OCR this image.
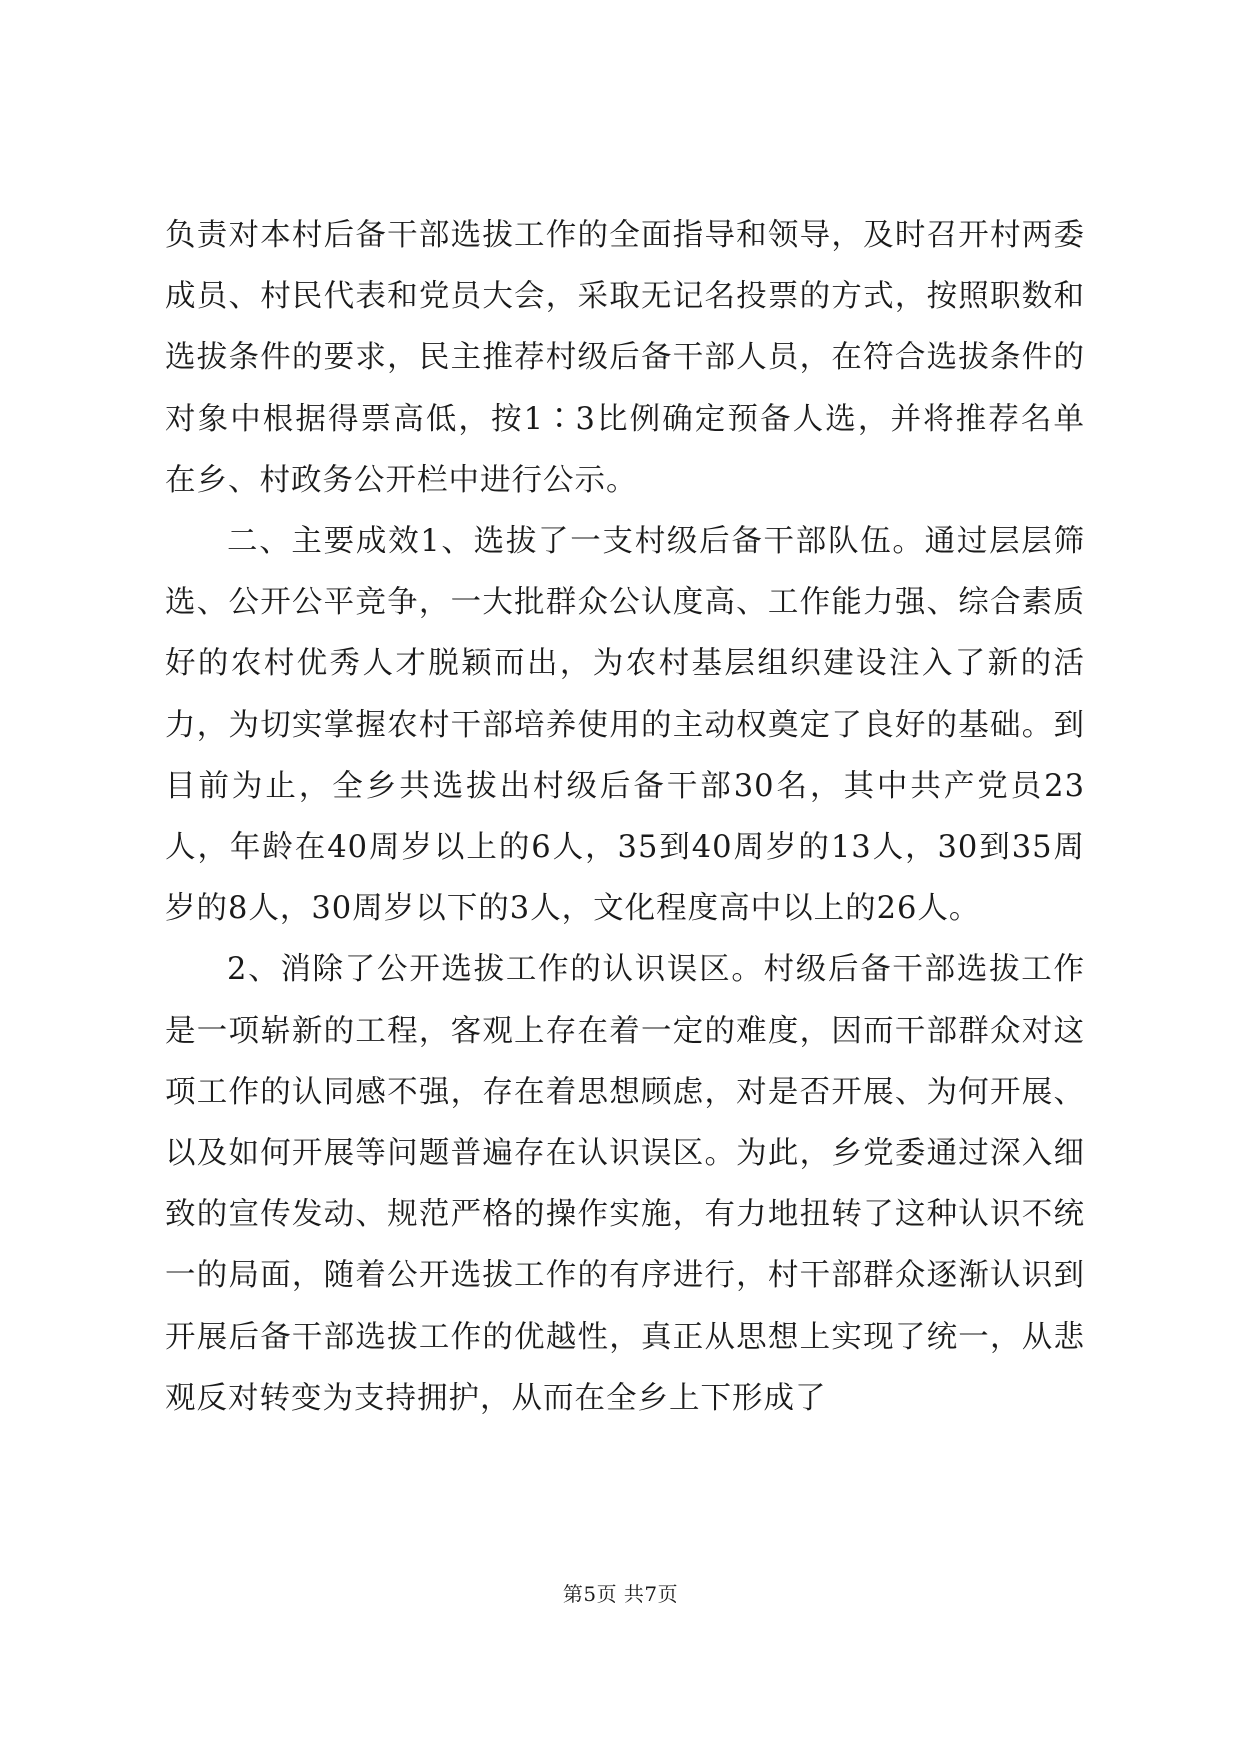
负责对本村后备干部选拔工作的全面指导和领导，及时召开村两委成员、村民代表和党员大会，采取无记名投票的方式，按照职数和选拔条件的要求，民主推荐村级后备干部人员，在符合选拔条件的对象中根据得票高低，按1∶3比例确定预备人选，并将推荐名单在乡、村政务公开栏中进行公示。

二、主要成效1、选拔了一支村级后备干部队伍。通过层层筛选、公开公平竞争，一大批群众公认度高、工作能力强、综合素质好的农村优秀人才脱颖而出，为农村基层组织建设注入了新的活力，为切实掌握农村干部培养使用的主动权奠定了良好的基础。到目前为止，全乡共选拔出村级后备干部30名，其中共产党员23人，年龄在40周岁以上的6人，35到40周岁的13人，30到35周岁的8人，30周岁以下的3人，文化程度高中以上的26人。

2、消除了公开选拔工作的认识误区。村级后备干部选拔工作是一项崭新的工程，客观上存在着一定的难度，因而干部群众对这项工作的认同感不强，存在着思想顾虑，对是否开展、为何开展、以及如何开展等问题普遍存在认识误区。为此，乡党委通过深入细致的宣传发动、规范严格的操作实施，有力地扭转了这种认识不统一的局面，随着公开选拔工作的有序进行，村干部群众逐渐认识到开展后备干部选拔工作的优越性，真正从思想上实现了统一，从悲观反对转变为支持拥护，从而在全乡上下形成了

第5页 共7页
